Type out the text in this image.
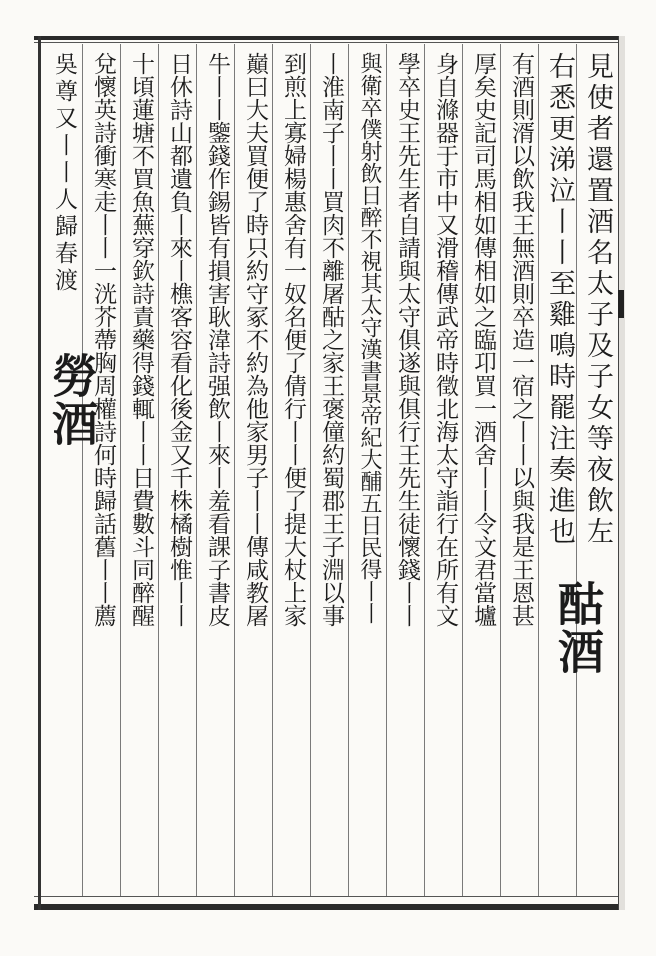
見使者還置酒名太子及子女等夜飲左
右悉更涕泣丨丨至雞鳴時罷注奏進也
有酒則湑以飲我王無酒則卒造一宿之丨丨以與我是王恩甚
厚矣史記司馬相如傳相如之臨卭買一酒舍丨丨令文君當壚
身自滌器于市中又滑稽傳武帝時徵北海太守詣行在所有文
學卒史王先生者自請與太守俱遂與俱行王先生徒懷錢丨丨
與衛卒僕射飲日醉不視其太守漢書景帝紀大酺五日民得丨丨
丨淮南子丨丨買肉不離屠酤之家王褒僮約蜀郡王子淵以事
到煎上寡婦楊惠舍有一奴名便了倩行丨丨便了提大杖上家
巔曰大夫買便了時只約守冢不約為他家男子丨丨傳咸教屠
牛丨丨鑒錢作錫皆有損害耿湋詩强飲丨來丨羞看課子書皮
日休詩山都遺負丨來丨樵客容看化後金又千株橘樹惟丨丨
十頃蓮塘不買魚蕪穿欽詩責藥得錢輒丨丨日費數斗同醉醒
兌懷英詩衝寒走丨丨一洸芥蔕胸周權詩何時歸話舊丨丨薦
吳尊又丨丨人歸春渡
酤酒
勞酒
